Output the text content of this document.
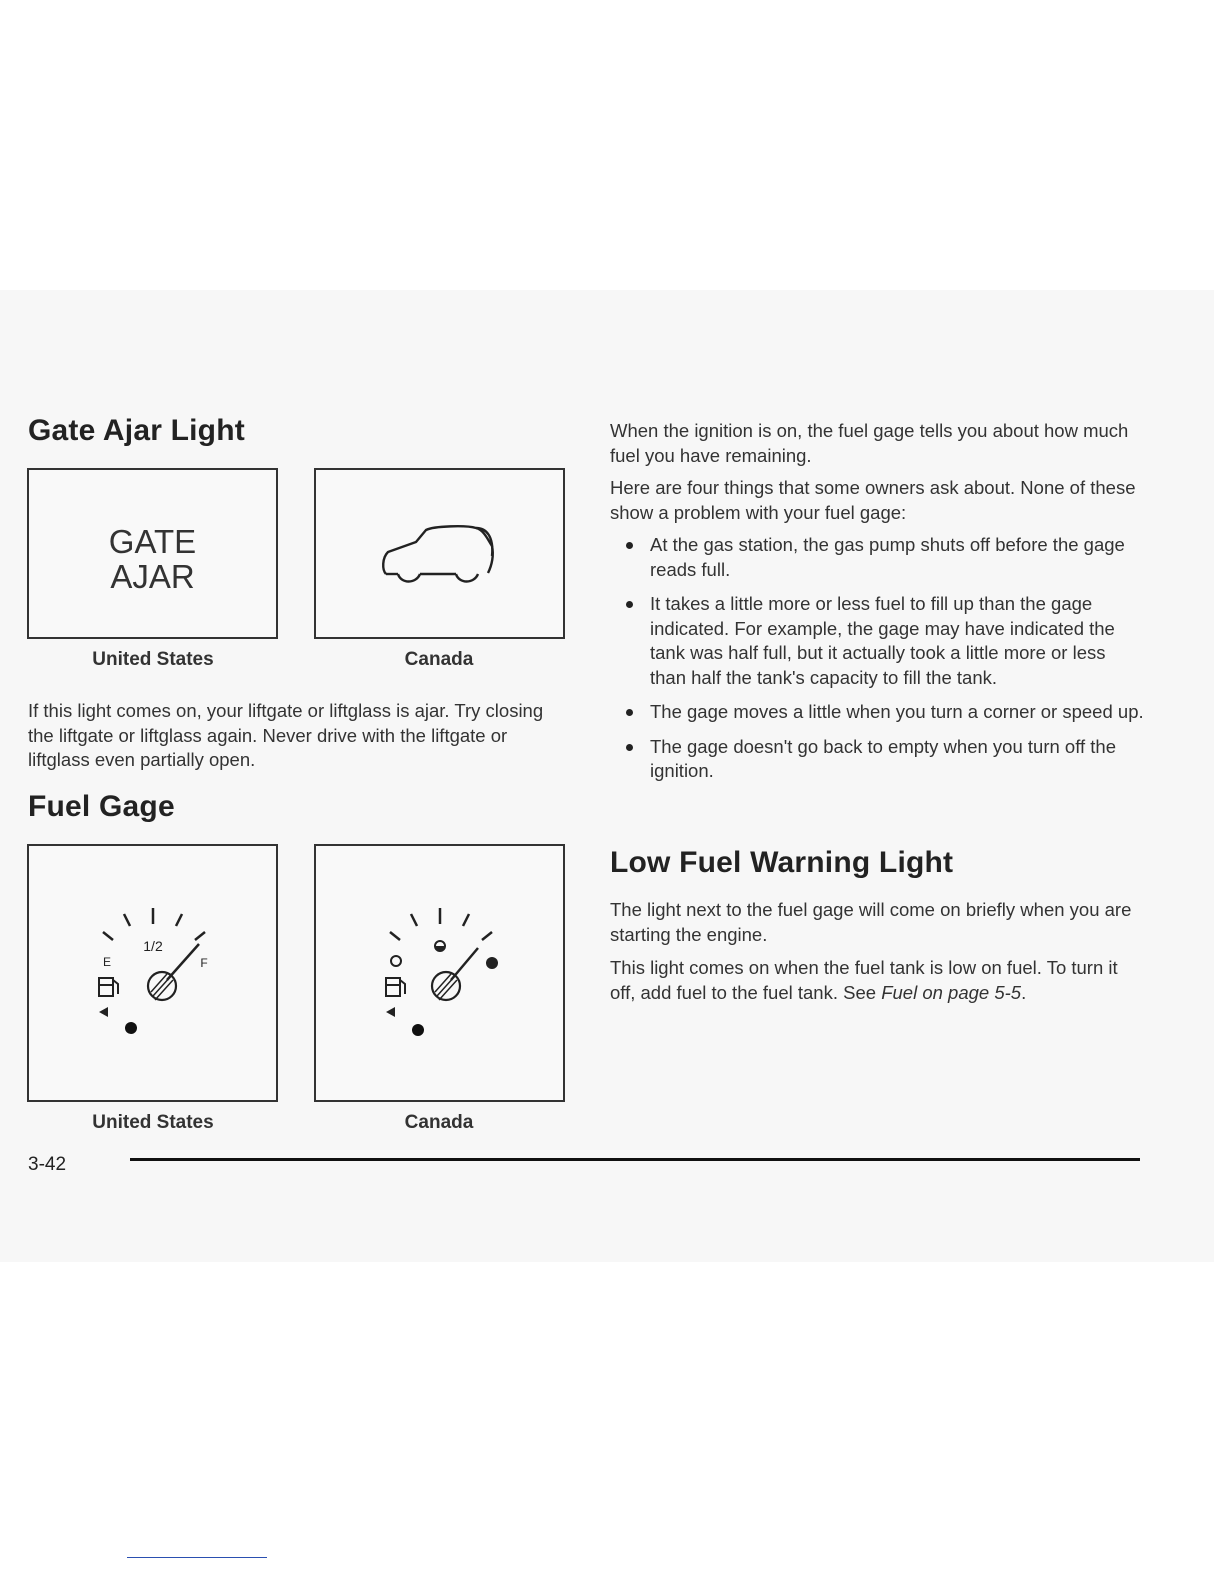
Gate Ajar Light
GATE
AJAR
United States	Canada

If this light comes on, your liftgate or liftglass is ajar. Try closing the liftgate or liftglass again. Never drive with the liftgate or liftglass even partially open.

Fuel Gage
1/2
E	F
United States	Canada

When the ignition is on, the fuel gage tells you about how much fuel you have remaining.

Here are four things that some owners ask about. None of these show a problem with your fuel gage:

At the gas station, the gas pump shuts off before the gage reads full.
It takes a little more or less fuel to fill up than the gage indicated. For example, the gage may have indicated the tank was half full, but it actually took a little more or less than half the tank's capacity to fill the tank.
The gage moves a little when you turn a corner or speed up.
The gage doesn't go back to empty when you turn off the ignition.
Low Fuel Warning Light

The light next to the fuel gage will come on briefly when you are starting the engine.

This light comes on when the fuel tank is low on fuel. To turn it off, add fuel to the fuel tank. See Fuel on page 5-5.

3-42
